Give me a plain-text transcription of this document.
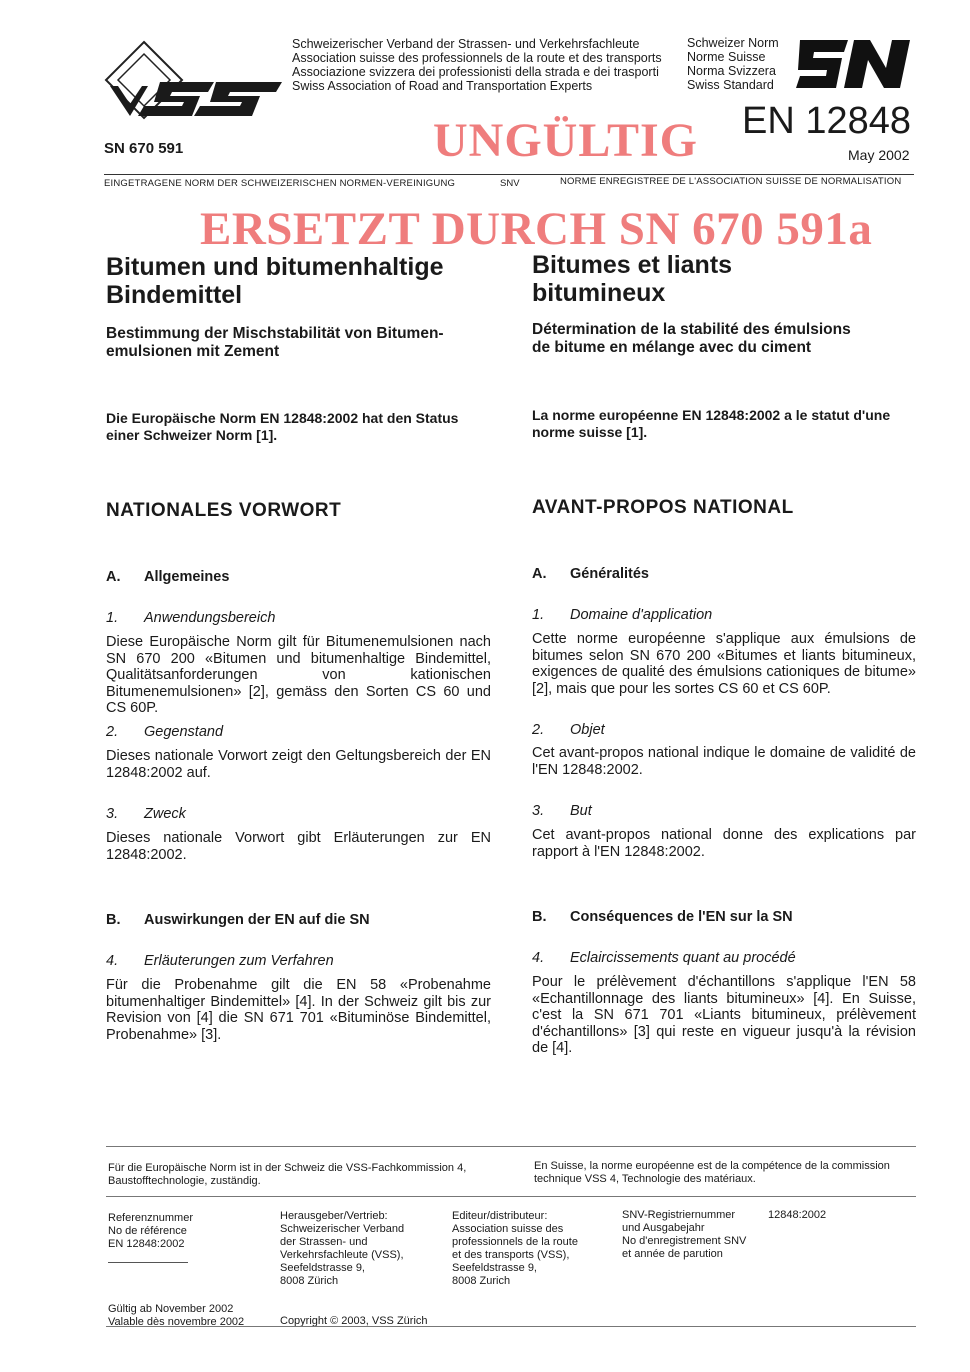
Schweizerischer Verband der Strassen- und Verkehrsfachleute
Association suisse des professionnels de la route et des transports
Associazione svizzera dei professionisti della strada e dei trasporti
Swiss Association of Road and Transportation Experts
Schweizer Norm
Norme Suisse
Norma Svizzera
Swiss Standard
SN 670 591
EN 12848
May 2002
UNGÜLTIG
EINGETRAGENE NORM DER SCHWEIZERISCHEN NORMEN-VEREINIGUNG	SNV	NORME ENREGISTREE DE L'ASSOCIATION SUISSE DE NORMALISATION
ERSETZT DURCH SN 670 591a
Bitumen und bitumenhaltige
Bindemittel
Bestimmung der Mischstabilität von Bitumen-
emulsionen mit Zement
Die Europäische Norm EN 12848:2002 hat den Status
einer Schweizer Norm [1].
NATIONALES VORWORT
A. Allgemeines
1. Anwendungsbereich
Diese Europäische Norm gilt für Bitumenemulsionen nach SN 670 200 «Bitumen und bitumenhaltige Bindemittel, Qualitätsanforderungen von kationischen Bitumenemulsionen» [2], gemäss den Sorten CS 60 und CS 60P.
2. Gegenstand
Dieses nationale Vorwort zeigt den Geltungsbereich der EN 12848:2002 auf.
3. Zweck
Dieses nationale Vorwort gibt Erläuterungen zur EN 12848:2002.
B. Auswirkungen der EN auf die SN
4. Erläuterungen zum Verfahren
Für die Probenahme gilt die EN 58 «Probenahme bitumenhaltiger Bindemittel» [4]. In der Schweiz gilt bis zur Revision von [4] die SN 671 701 «Bituminöse Bindemittel, Probenahme» [3].
Bitumes et liants
bitumineux
Détermination de la stabilité des émulsions
de bitume en mélange avec du ciment
La norme européenne EN 12848:2002 a le statut d'une
norme suisse [1].
AVANT-PROPOS NATIONAL
A. Généralités
1. Domaine d'application
Cette norme européenne s'applique aux émulsions de bitumes selon SN 670 200 «Bitumes et liants bitumineux, exigences de qualité des émulsions cationiques de bitume» [2], mais que pour les sortes CS 60 et CS 60P.
2. Objet
Cet avant-propos national indique le domaine de validité de l'EN 12848:2002.
3. But
Cet avant-propos national donne des explications par rapport à l'EN 12848:2002.
B. Conséquences de l'EN sur la SN
4. Eclaircissements quant au procédé
Pour le prélèvement d'échantillons s'applique l'EN 58 «Echantillonnage des liants bitumineux» [4]. En Suisse, c'est la SN 671 701 «Liants bitumineux, prélèvement d'échantillons» [3] qui reste en vigueur jusqu'à la révision de [4].
Für die Europäische Norm ist in der Schweiz die VSS-Fachkommission 4, Baustofftechnologie, zuständig.
En Suisse, la norme européenne est de la compétence de la commission technique VSS 4, Technologie des matériaux.
Referenznummer
No de référence
EN 12848:2002
Herausgeber/Vertrieb:
Schweizerischer Verband
der Strassen- und
Verkehrsfachleute (VSS),
Seefeldstrasse 9,
8008 Zürich
Editeur/distributeur:
Association suisse des
professionnels de la route
et des transports (VSS),
Seefeldstrasse 9,
8008 Zurich
SNV-Registriernummer
und Ausgabejahr
No d'enregistrement SNV
et année de parution
12848:2002
Gültig ab November 2002
Valable dès novembre 2002	Copyright © 2003, VSS Zürich
